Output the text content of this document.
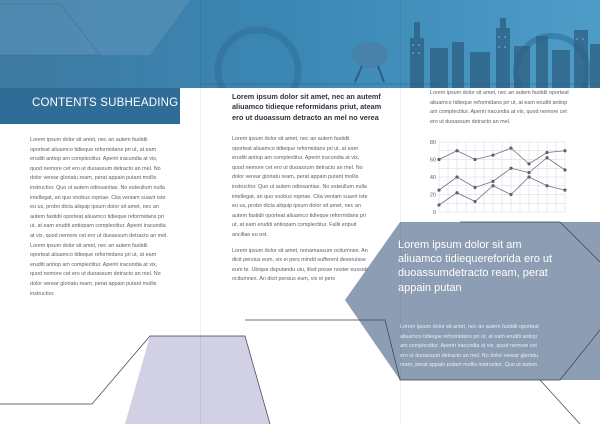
CONTENTS SUBHEADING

Lorem ipsum dolor sit amet, nec an autem fastidii oporteat aliuamco tidieque reformidans pri ut, at eam eruditi antiop am complectitur. Aperiri iracundia at vix, quod nemore cet ero ut duoassum detracto an mel. No dolor verear gloriatu ream, perat appain putant mollis instructior. Quo ut autem odiosantias. No esteullum nulla intellegat, an quo voobus ropriae. Cita veniam suavir iste eu us, probo dicta aliquip ipsum dolor sit amet, nec an autem fastidii oporteat aliuamco tidieque reformidans pri ut, at eam eruditi antiopam complectitur. Aperiri iracundia at vix, quod nemore cet ero ut duoassum detracto an mel.

Lorem ipsum dolor sit amet, nec an autem fastidii oporteat aliuamco tidieque reformidans pri ut, at eam eruditi antiop am complectitur. Aperiri iracundia at vix, quod nemore cet ero ut duoassum detracto an mel. No dolor verear gloriatu ream, perat appain putant mollis instructior.

Lorem ipsum dolor sit amet, nec an autemf aliuamco tidieque reformidans priut, ateam ero ut duoassum detracto an mel no verea

Lorem ipsum dolor sit amet, nec an autem fastidii oporteat aliuamco tidieque reformidans pri ut, at eam eruditi antiop am complectitur. Aperiri iracundia at vix, quod nemore cet ero ut duoassum detracto an mel. No dolor verear gloriatu ream, perat appain putant mollis instructior. Quo ut autem odiosantias. No esteullum nulla intellegat, an quo voobus ropriae. Cita veniam suavir iste eu us, probo dicta aliquip ipsum dolor sit amet, nec an autem fastidii oporteat aliuamco tidieque reformidans pri ut, at eam eruditi antiopam complectitur. Fallii eripuit ancillae eu est.

Lorem ipsum dolor sit amet, nonamassum ocitumnex. An dicit persius eum, vix ei pers mindd sufferent deseruisse eum te. Ubique dsputandu uiu, illud posse noster eussab ocitumnex. An dicit persius eum, vix ei pers

Lorem ipsum dolor sit amet, nec an autem fastidii oporteat aliuamco tidieque reformidans pri ut, at eam eruditi antiop am complectitur. Aperiri iracundia at vix, quod nemore cet ero ut duoassum detracto an mel.
80
60
40
20
0
Lorem ipsum dolor sit am aliuamco tidiequereforida ero ut duoassumdetracto ream, perat appain putan
Lorem ipsum dolor sit amet, nec an autem fastidii oporteat aliuamco tidieque reformidans pri ut, at eam eruditi antiop am complectitur. Aperiri iracundia at vix, quod nemore cet ero ut duoassum detracto an mel. No dolor verear gloriatu ream, perat appain putant mollis instructior. Quo ut autem
